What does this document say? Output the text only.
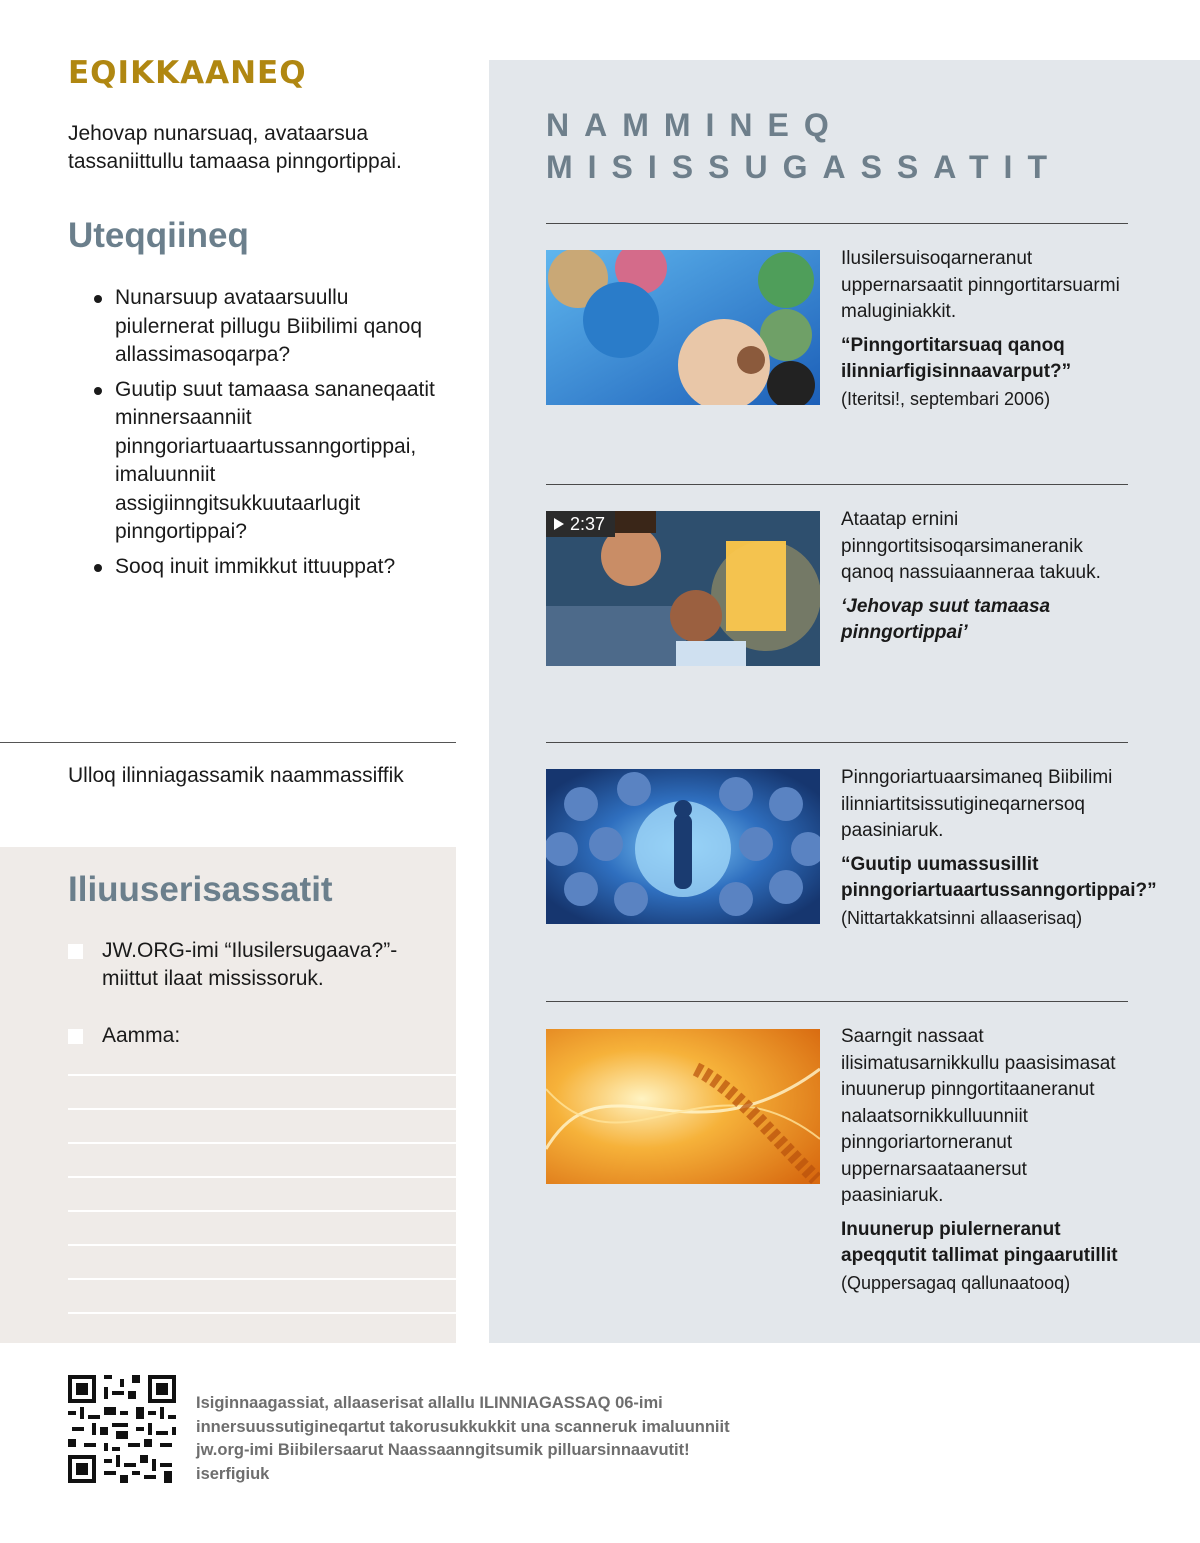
EQIKKAANEQ
Jehovap nunarsuaq, avataarsua tassaniittullu tamaasa pinngortippai.
Uteqqiineq
Nunarsuup avataarsuullu piulernerat pillugu Biibilimi qanoq allassimasoqarpa?
Guutip suut tamaasa sananeqaatit minnersaanniit pinngoriartuaartussanngortippai, imaluunniit assigiinngitsukkuutaarlugit pinngortippai?
Sooq inuit immikkut ittuuppat?
Ulloq ilinniagassamik naammassiffik
Iliuuserisassatit
JW.ORG-imi “Ilusilersugaava?”-miittut ilaat mississoruk.
Aamma:
NAMMINEQ
MISISSUGASSATIT

Ilusilersuisoqarneranut uppernarsaatit pinngortitarsuarmi maluginiakkit.

“Pinngortitarsuaq qanoq ilinniarfigisinnaavarput?”
(Iteritsi!, septembari 2006)

2:37	Ataatap ernini pinngortitsisoqarsimaneranik qanoq nassuiaanneraa takuuk.

‘Jehovap suut tamaasa pinngortippai’

Pinngoriartuaarsimaneq Biibilimi ilinniartitsissutigineqarnersoq paasiniaruk.

“Guutip uumassusillit pinngoriartuaartussanngortippai?”
(Nittartakkatsinni allaaserisaq)

Saarngit nassaat ilisimatusarnikkullu paasisimasat inuunerup pinngortitaaneranut nalaatsornikkulluunniit pinngoriartorneranut uppernarsaataanersut paasiniaruk.

Inuunerup piulerneranut apeqqutit tallimat pingaarutillit (Quppersagaq qallunaatooq)

Isiginnaagassiat, allaaserisat allallu ILINNIAGASSAQ 06-imi innersuussutigineqartut takorusukkukkit una scanneruk imaluunniit jw.org-imi Biibilersaarut Naassaanngitsumik pilluarsinnaavutit! iserfigiuk
